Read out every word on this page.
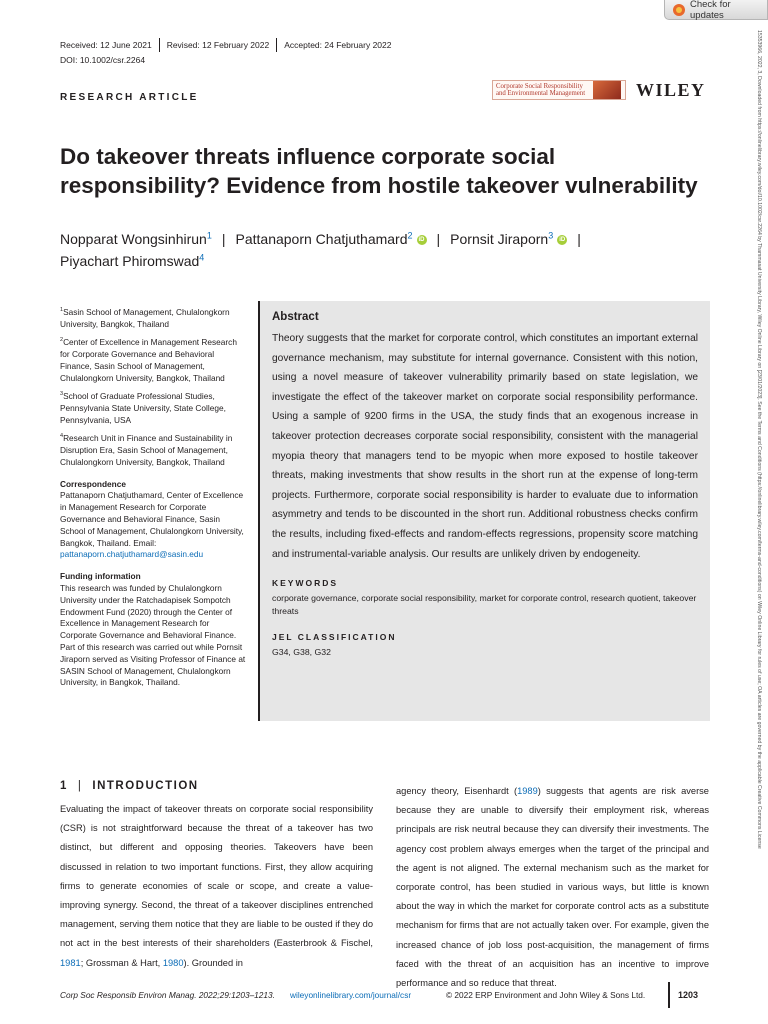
Check for updates
15353966, 2022, 3, Downloaded from https://onlinelibrary.wiley.com/doi/10.1002/csr.2264 by Thammasat University Library, Wiley Online Library on [23/01/2023]. See the Terms and Conditions (https://onlinelibrary.wiley.com/terms-and-conditions) on Wiley Online Library for rules of use; OA articles are governed by the applicable Creative Commons License
Received: 12 June 2021	Revised: 12 February 2022	Accepted: 24 February 2022
DOI: 10.1002/csr.2264
RESEARCH ARTICLE
Corporate Social Responsibility and Environmental Management	WILEY
Do takeover threats influence corporate social responsibility? Evidence from hostile takeover vulnerability
Nopparat Wongsinhirun$^1$ | Pattanaporn Chatjuthamard$^2$ iD | Pornsit Jiraporn$^3$ iD |
Piyachart Phiromswad$^4$
$^1$Sasin School of Management, Chulalongkorn University, Bangkok, Thailand
$^2$Center of Excellence in Management Research for Corporate Governance and Behavioral Finance, Sasin School of Management, Chulalongkorn University, Bangkok, Thailand
$^3$School of Graduate Professional Studies, Pennsylvania State University, State College, Pennsylvania, USA
$^4$Research Unit in Finance and Sustainability in Disruption Era, Sasin School of Management, Chulalongkorn University, Bangkok, Thailand
Correspondence
Pattanaporn Chatjuthamard, Center of Excellence in Management Research for Corporate Governance and Behavioral Finance, Sasin School of Management, Chulalongkorn University, Bangkok, Thailand. Email: pattanaporn.chatjuthamard@sasin.edu
Funding information
This research was funded by Chulalongkorn University under the Ratchadapisek Sompotch Endowment Fund (2020) through the Center of Excellence in Management Research for Corporate Governance and Behavioral Finance. Part of this research was carried out while Pornsit Jiraporn served as Visiting Professor of Finance at SASIN School of Management, Chulalongkorn University, in Bangkok, Thailand.
Abstract

Theory suggests that the market for corporate control, which constitutes an important external governance mechanism, may substitute for internal governance. Consistent with this notion, using a novel measure of takeover vulnerability primarily based on state legislation, we investigate the effect of the takeover market on corporate social responsibility performance. Using a sample of 9200 firms in the USA, the study finds that an exogenous increase in takeover protection decreases corporate social responsibility, consistent with the managerial myopia theory that managers tend to be myopic when more exposed to hostile takeover threats, making investments that show results in the short run at the expense of long-term projects. Furthermore, corporate social responsibility is harder to evaluate due to information asymmetry and tends to be discounted in the short run. Additional robustness checks confirm the results, including fixed-effects and random-effects regressions, propensity score matching and instrumental-variable analysis. Our results are unlikely driven by endogeneity.

KEYWORDS
corporate governance, corporate social responsibility, market for corporate control, research quotient, takeover threats
JEL CLASSIFICATION
G34, G38, G32
1 | INTRODUCTION

Evaluating the impact of takeover threats on corporate social responsibility (CSR) is not straightforward because the threat of a takeover has two distinct, but different and opposing theories. Takeovers have been discussed in relation to two important functions. First, they allow acquiring firms to generate economies of scale or scope, and create a value-improving synergy. Second, the threat of a takeover disciplines entrenched management, serving them notice that they are liable to be ousted if they do not act in the best interests of their shareholders (Easterbrook & Fischel, 1981; Grossman & Hart, 1980). Grounded in

agency theory, Eisenhardt (1989) suggests that agents are risk averse because they are unable to diversify their employment risk, whereas principals are risk neutral because they can diversify their investments. The agency cost problem always emerges when the target of the principal and the agent is not aligned. The external mechanism such as the market for corporate control, has been studied in various ways, but little is known about the way in which the market for corporate control acts as a substitute mechanism for firms that are not actually taken over. For example, given the increased chance of job loss post-acquisition, the management of firms faced with the threat of an acquisition has an incentive to improve performance and so reduce that threat.

Corp Soc Responsib Environ Manag. 2022;29:1203–1213.	wileyonlinelibrary.com/journal/csr	© 2022 ERP Environment and John Wiley & Sons Ltd.	1203
